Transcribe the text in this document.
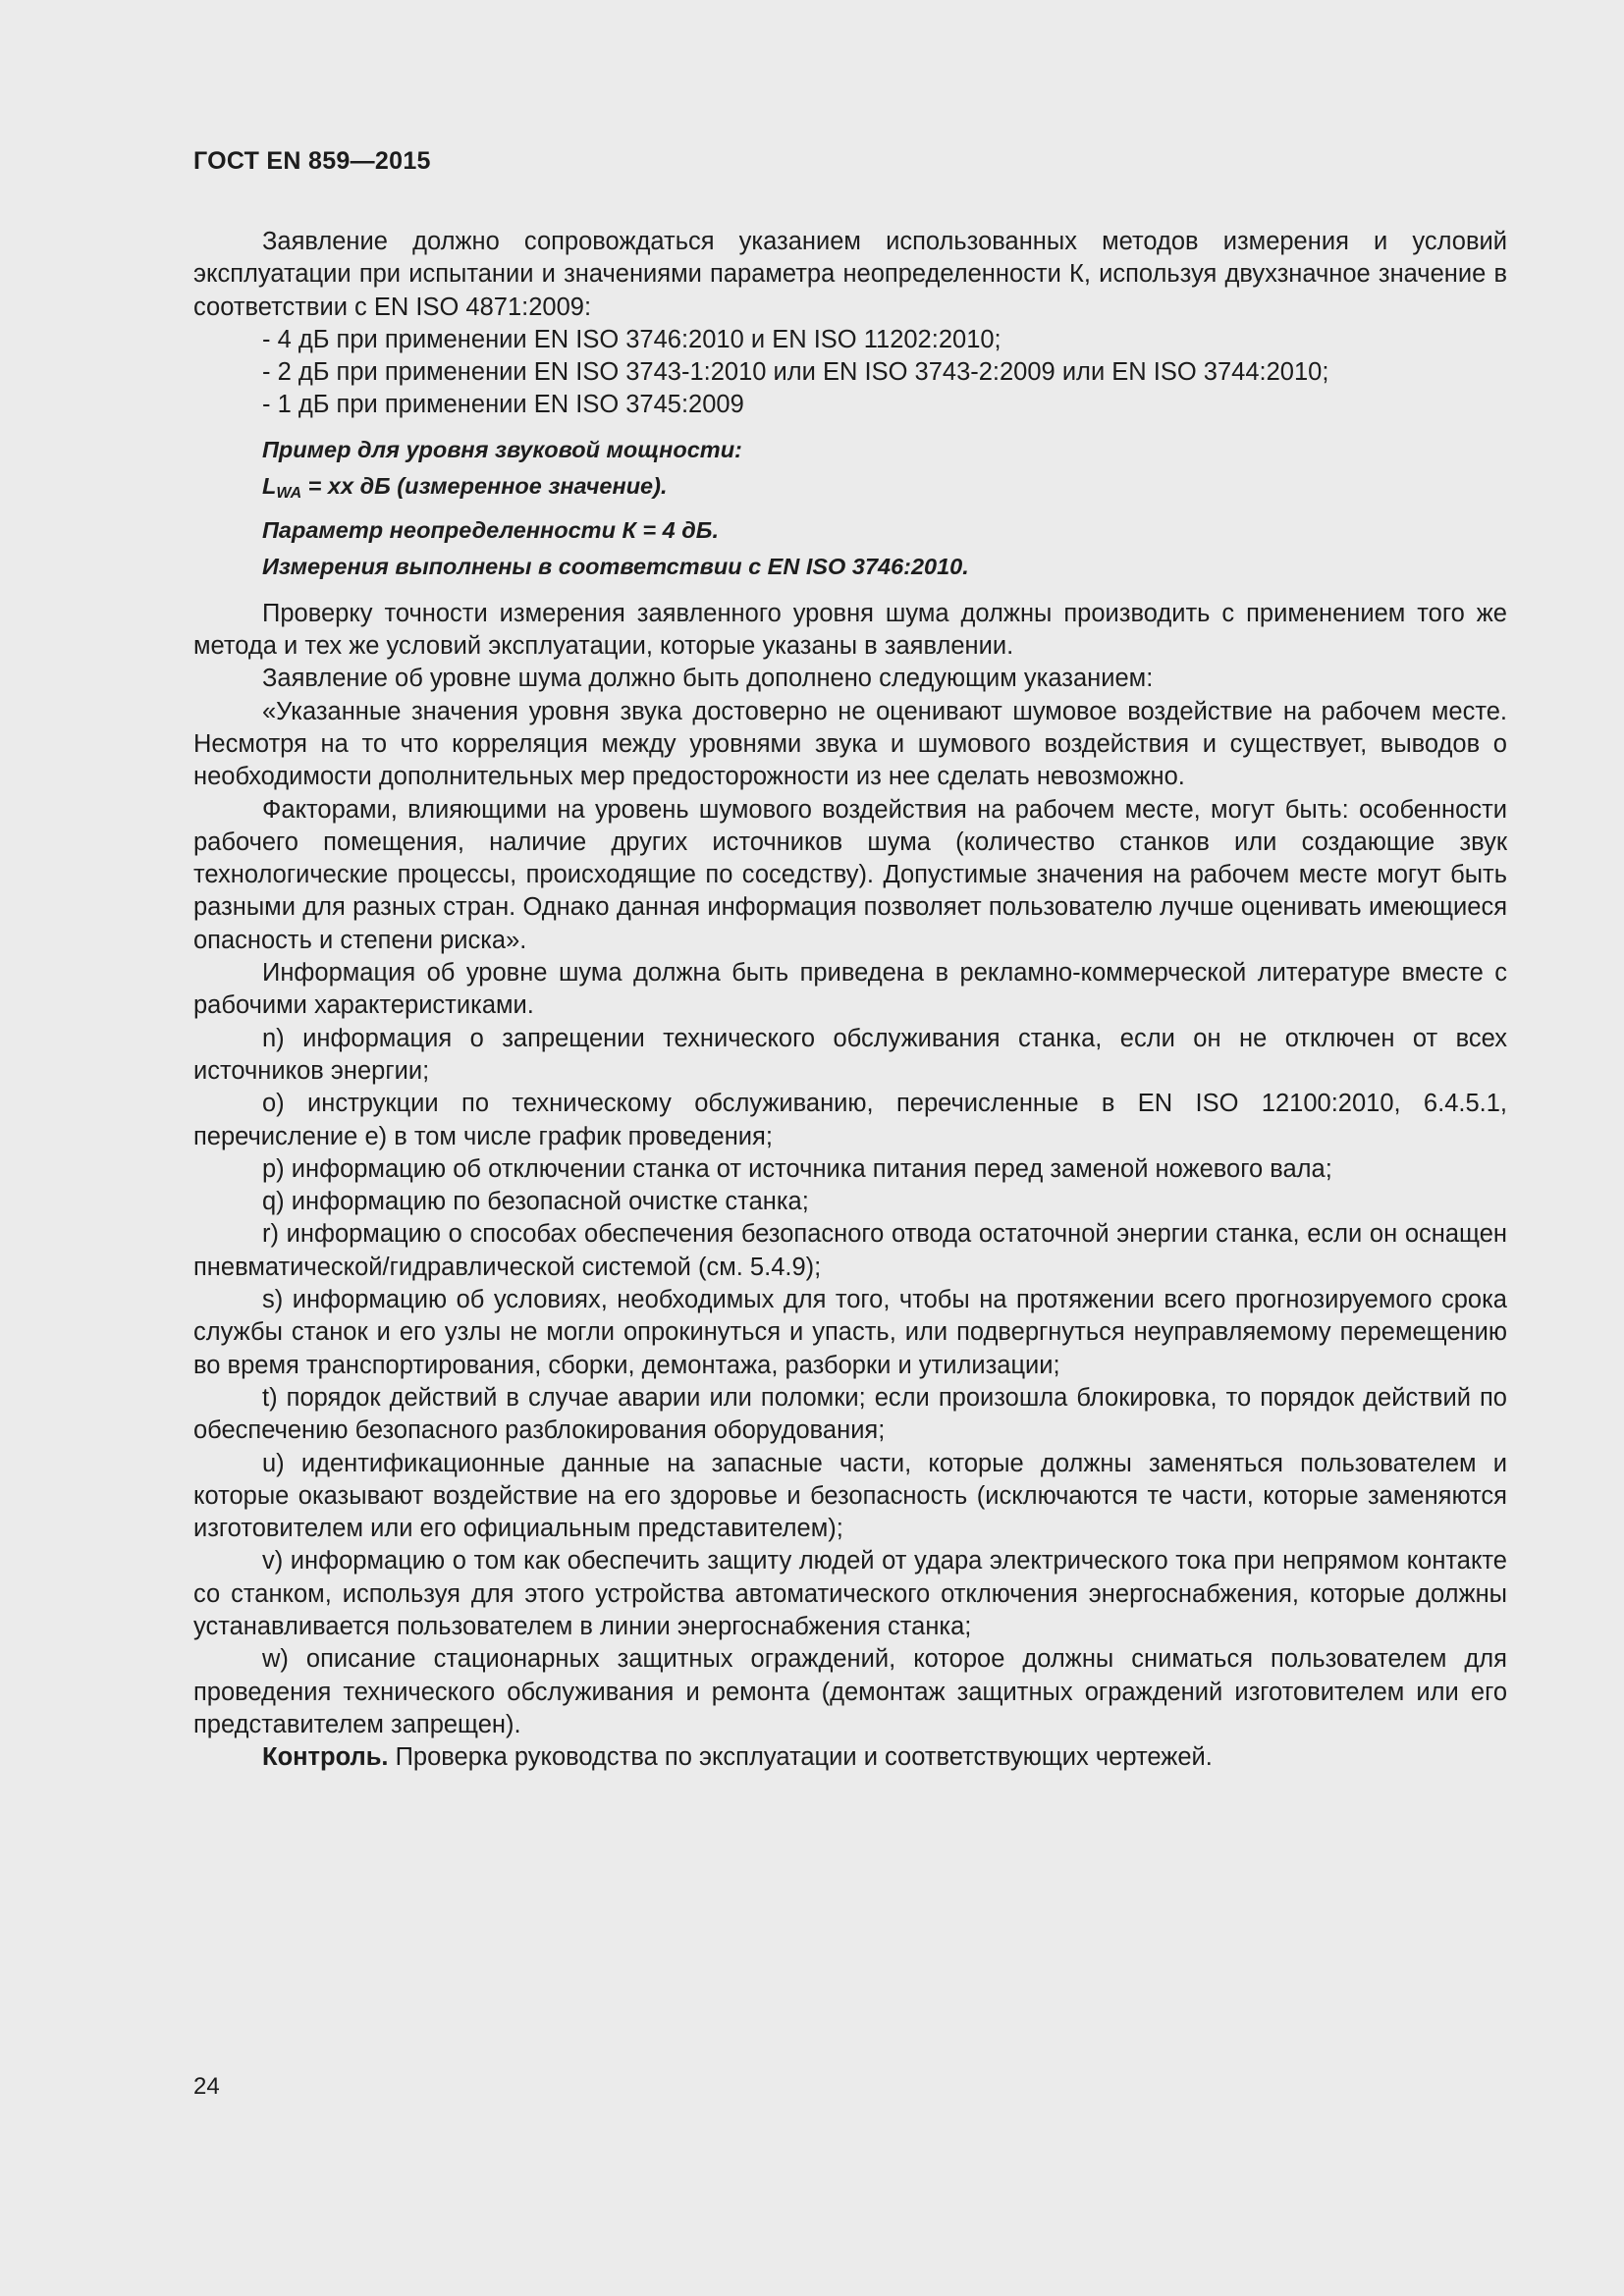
ГОСТ EN 859—2015

Заявление должно сопровождаться указанием использованных методов измерения и условий эксплуатации при испытании и значениями параметра неопределенности К, используя двухзначное значение в соответствии с EN ISO 4871:2009:

- 4 дБ при применении EN ISO 3746:2010 и EN ISO 11202:2010;

- 2 дБ при применении EN ISO 3743-1:2010 или EN ISO 3743-2:2009 или EN ISO 3744:2010;

- 1 дБ при применении EN ISO 3745:2009

Пример для уровня звуковой мощности:
$L_{WA}$ = хх дБ (измеренное значение).
Параметр неопределенности К = 4 дБ.
Измерения выполнены в соответствии с EN ISO 3746:2010.

Проверку точности измерения заявленного уровня шума должны производить с применением того же метода и тех же условий эксплуатации, которые указаны в заявлении.

Заявление об уровне шума должно быть дополнено следующим указанием:

«Указанные значения уровня звука достоверно не оценивают шумовое воздействие на рабочем месте. Несмотря на то что корреляция между уровнями звука и шумового воздействия и существует, выводов о необходимости дополнительных мер предосторожности из нее сделать невозможно.

Факторами, влияющими на уровень шумового воздействия на рабочем месте, могут быть: особенности рабочего помещения, наличие других источников шума (количество станков или создающие звук технологические процессы, происходящие по соседству). Допустимые значения на рабочем месте могут быть разными для разных стран. Однако данная информация позволяет пользователю лучше оценивать имеющиеся опасность и степени риска».

Информация об уровне шума должна быть приведена в рекламно-коммерческой литературе вместе с рабочими характеристиками.

n) информация о запрещении технического обслуживания станка, если он не отключен от всех источников энергии;

o) инструкции по техническому обслуживанию, перечисленные в EN ISO 12100:2010, 6.4.5.1, перечисление e) в том числе график проведения;

p) информацию об отключении станка от источника питания перед заменой ножевого вала;

q) информацию по безопасной очистке станка;

r) информацию о способах обеспечения безопасного отвода остаточной энергии станка, если он оснащен пневматической/гидравлической системой (см. 5.4.9);

s) информацию об условиях, необходимых для того, чтобы на протяжении всего прогнозируемого срока службы станок и его узлы не могли опрокинуться и упасть, или подвергнуться неуправляемому перемещению во время транспортирования, сборки, демонтажа, разборки и утилизации;

t) порядок действий в случае аварии или поломки; если произошла блокировка, то порядок действий по обеспечению безопасного разблокирования оборудования;

u) идентификационные данные на запасные части, которые должны заменяться пользователем и которые оказывают воздействие на его здоровье и безопасность (исключаются те части, которые заменяются изготовителем или его официальным представителем);

v) информацию о том как обеспечить защиту людей от удара электрического тока при непрямом контакте со станком, используя для этого устройства автоматического отключения энергоснабжения, которые должны устанавливается пользователем в линии энергоснабжения станка;

w) описание стационарных защитных ограждений, которое должны сниматься пользователем для проведения технического обслуживания и ремонта (демонтаж защитных ограждений изготовителем или его представителем запрещен).

Контроль. Проверка руководства по эксплуатации и соответствующих чертежей.

24
